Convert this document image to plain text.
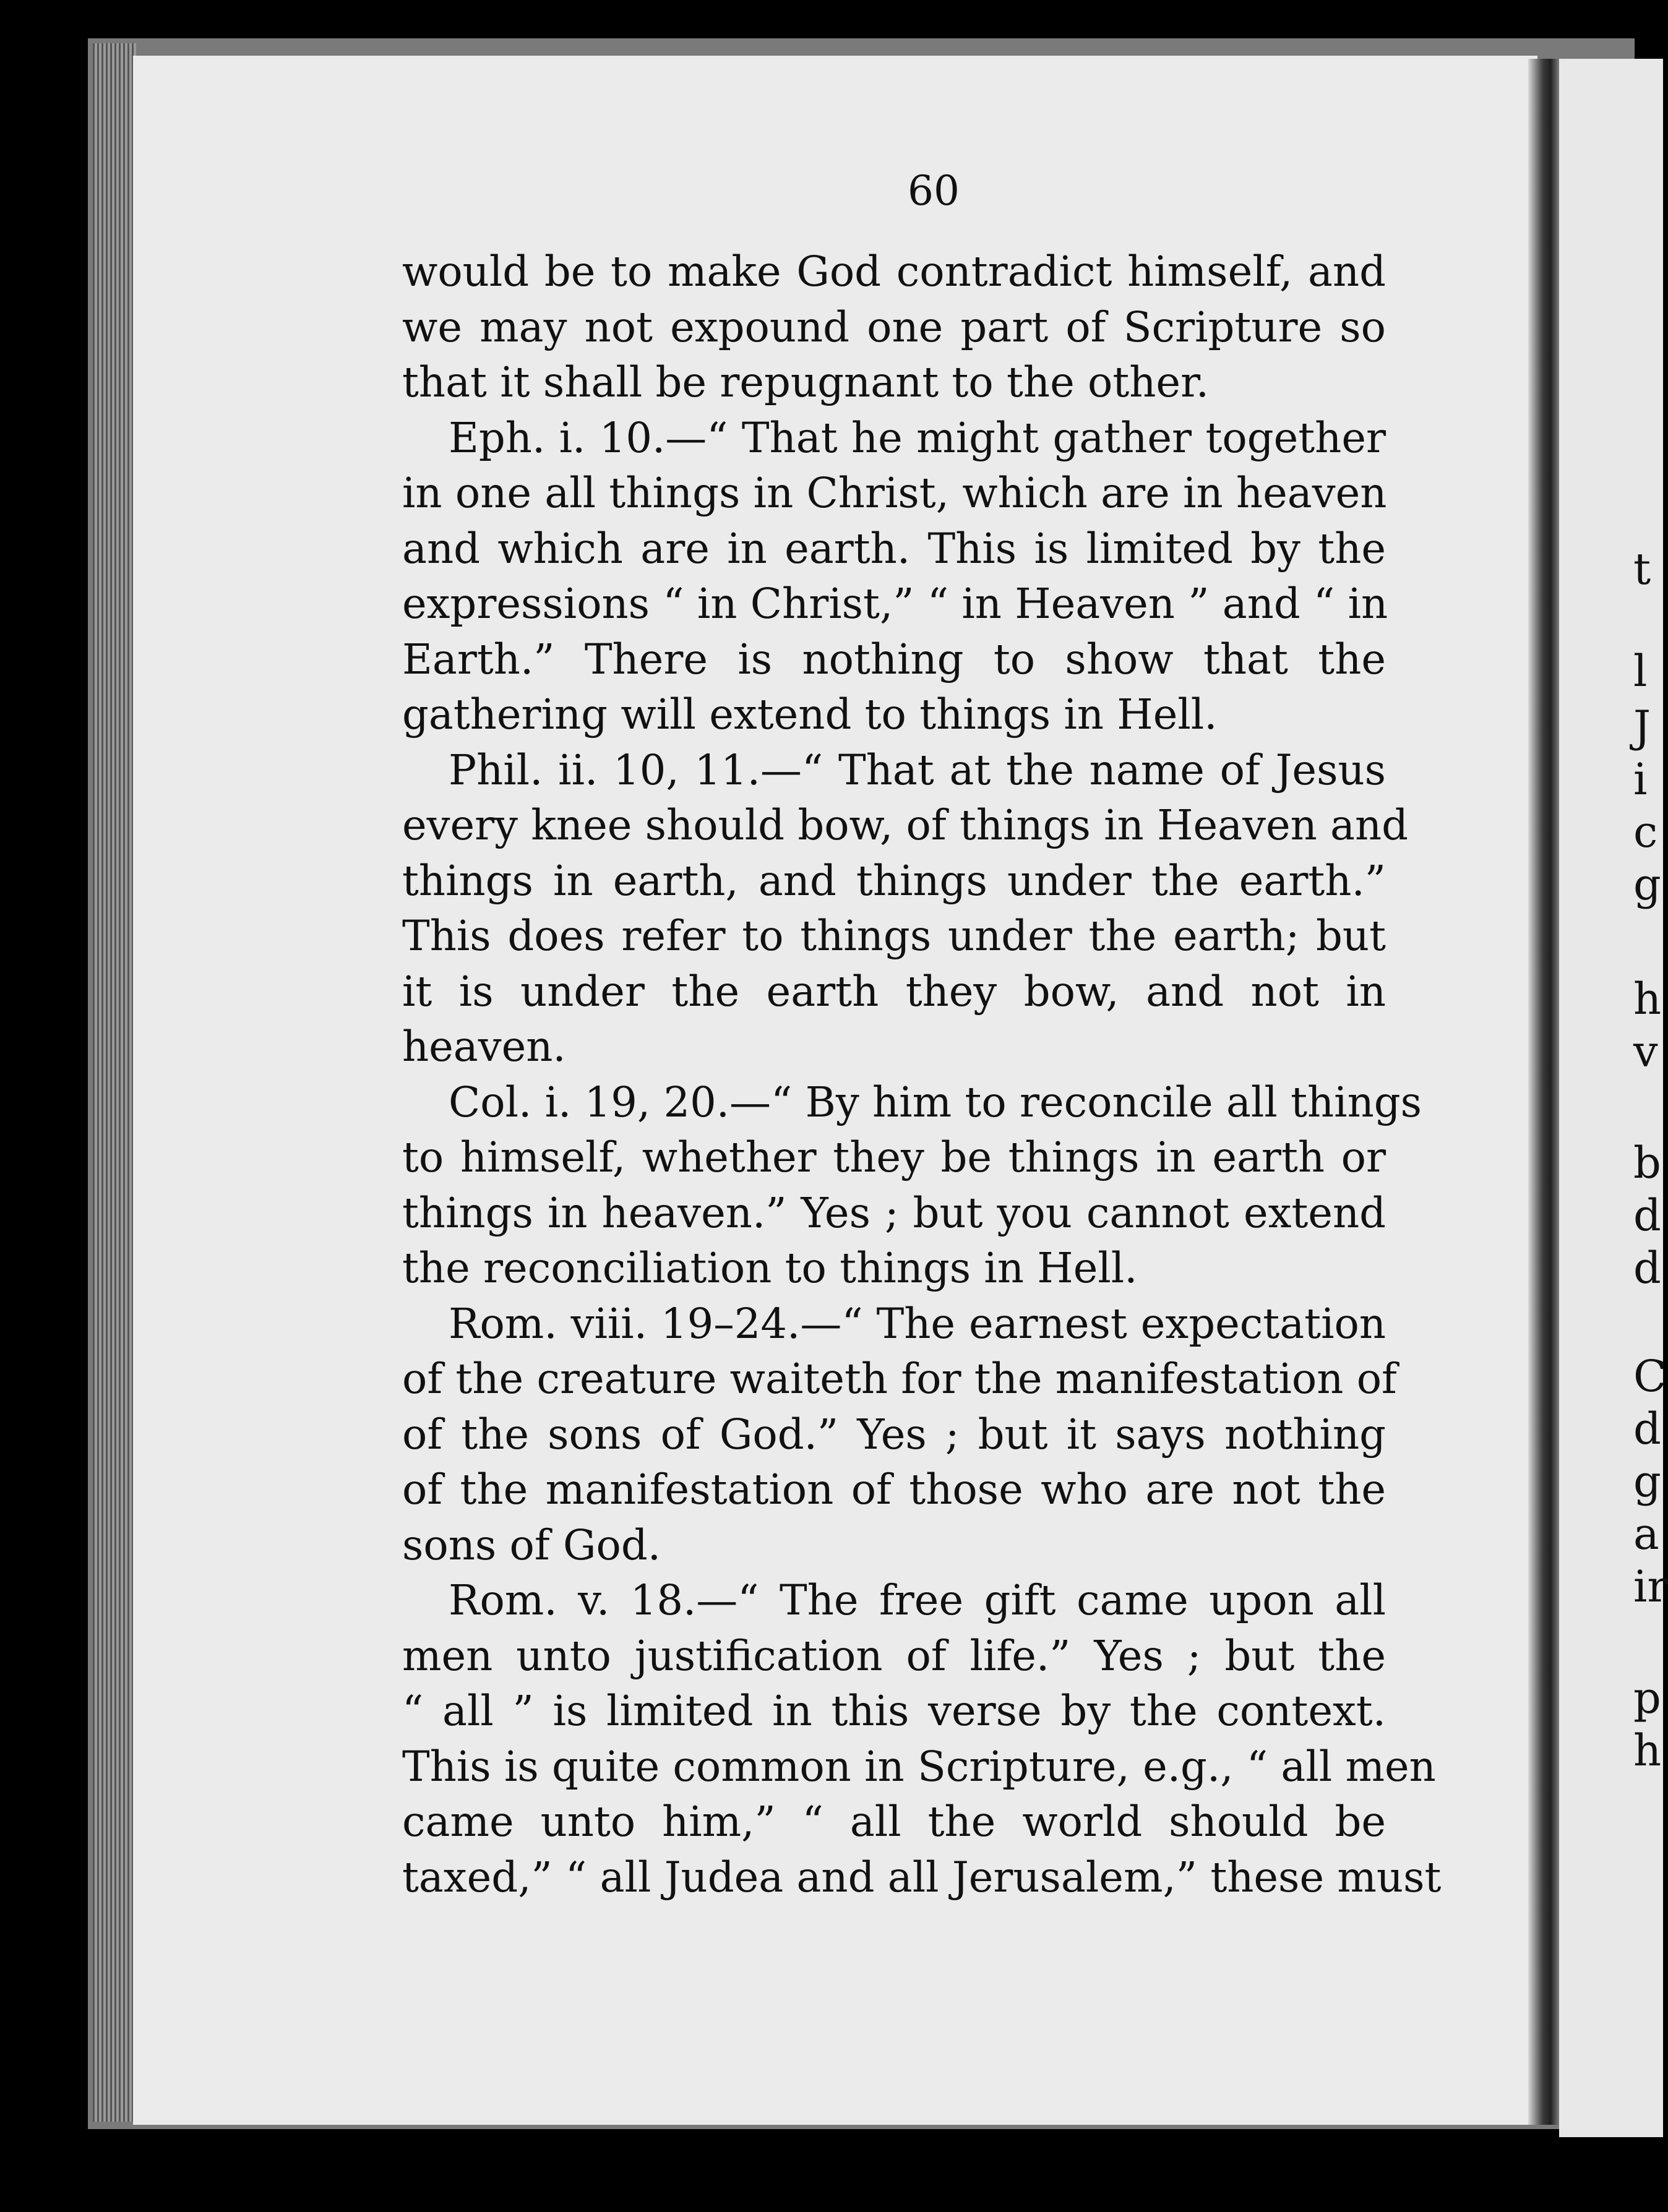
60
would be to make God contradict himself, and
we may not expound one part of Scripture so
that it shall be repugnant to the other.
Eph. i. 10.—“ That he might gather together
in one all things in Christ, which are in heaven
and which are in earth. This is limited by the
expressions “ in Christ,” “ in Heaven ” and “ in
Earth.” There is nothing to show that the
gathering will extend to things in Hell.
Phil. ii. 10, 11.—“ That at the name of Jesus
every knee should bow, of things in Heaven and
things in earth, and things under the earth.”
This does refer to things under the earth; but
it is under the earth they bow, and not in
heaven.
Col. i. 19, 20.—“ By him to reconcile all things
to himself, whether they be things in earth or
things in heaven.” Yes ; but you cannot extend
the reconciliation to things in Hell.
Rom. viii. 19–24.—“ The earnest expectation
of the creature waiteth for the manifestation of
of the sons of God.” Yes ; but it says nothing
of the manifestation of those who are not the
sons of God.
Rom. v. 18.—“ The free gift came upon all
men unto justification of life.” Yes ; but the
“ all ” is limited in this verse by the context.
This is quite common in Scripture, e.g., “ all men
came unto him,” “ all the world should be
taxed,” “ all Judea and all Jerusalem,” these must
l
J
i
c
g
h
v
b
d
d
C
d
g
a
ir
p
h
t
